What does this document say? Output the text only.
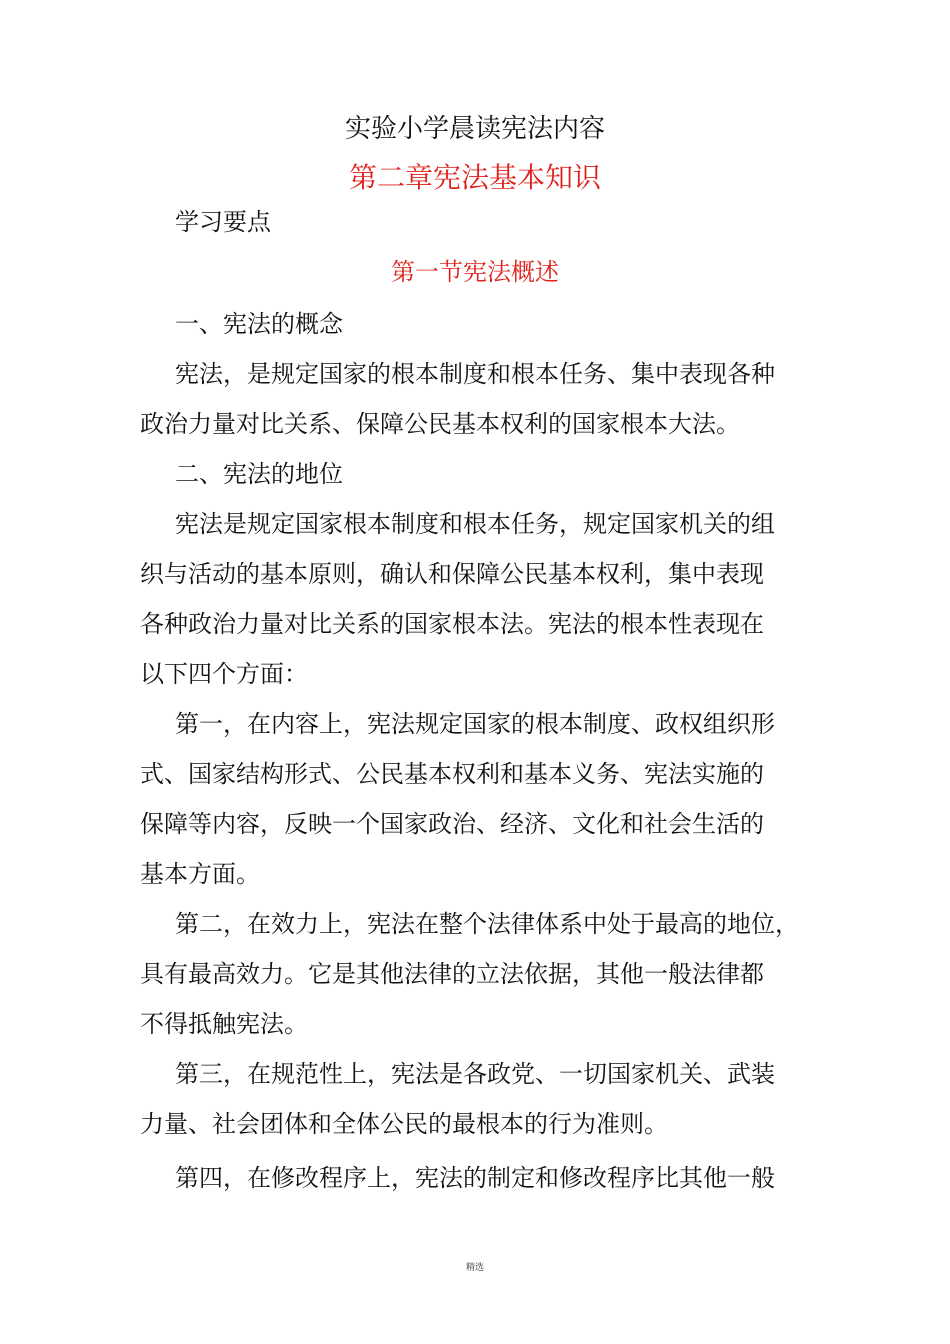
实验小学晨读宪法内容
第二章宪法基本知识
学习要点
第一节宪法概述
一、宪法的概念
宪法，是规定国家的根本制度和根本任务、集中表现各种
政治力量对比关系、保障公民基本权利的国家根本大法。
二、宪法的地位
宪法是规定国家根本制度和根本任务，规定国家机关的组
织与活动的基本原则，确认和保障公民基本权利，集中表现
各种政治力量对比关系的国家根本法。宪法的根本性表现在
以下四个方面：
第一，在内容上，宪法规定国家的根本制度、政权组织形
式、国家结构形式、公民基本权利和基本义务、宪法实施的
保障等内容，反映一个国家政治、经济、文化和社会生活的
基本方面。
第二，在效力上，宪法在整个法律体系中处于最高的地位，
具有最高效力。它是其他法律的立法依据，其他一般法律都
不得抵触宪法。
第三，在规范性上，宪法是各政党、一切国家机关、武装
力量、社会团体和全体公民的最根本的行为准则。
第四，在修改程序上，宪法的制定和修改程序比其他一般
精选
